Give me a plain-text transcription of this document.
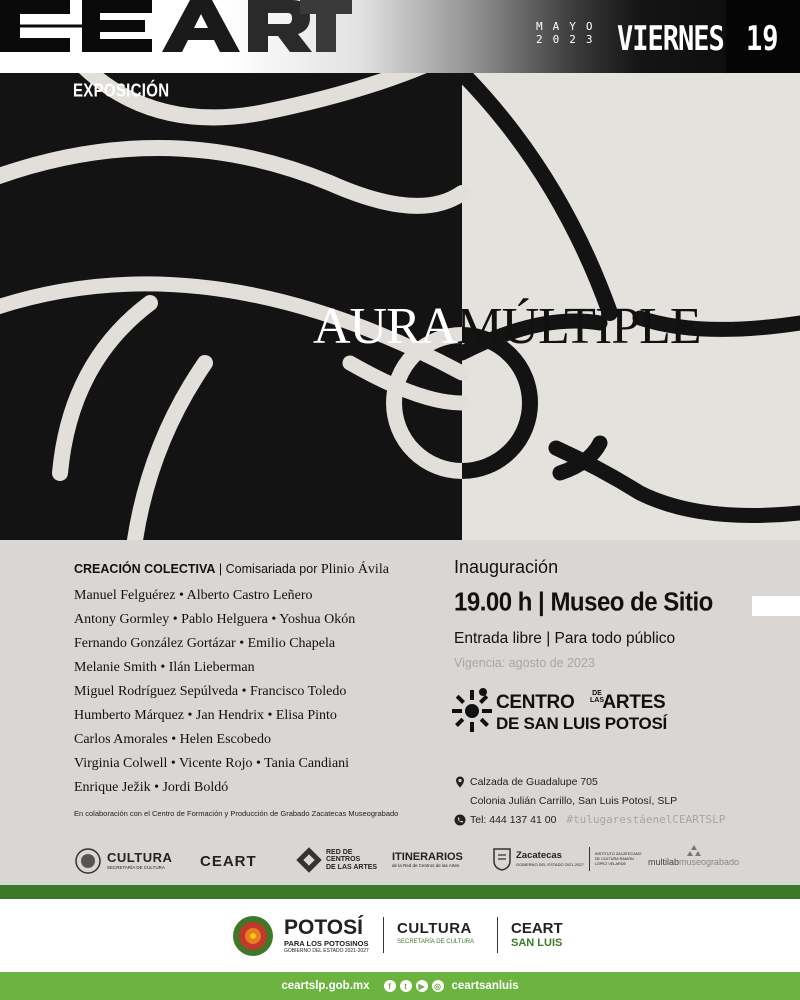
MAYO
2023 VIERNES 19
EXPOSICIÓN
AURAMÚLTIPLE
CREACIÓN COLECTIVA | Comisariada por Plinio Ávila
Manuel Felguérez • Alberto Castro Leñero
Antony Gormley • Pablo Helguera • Yoshua Okón
Fernando González Gortázar • Emilio Chapela
Melanie Smith • Ilán Lieberman
Miguel Rodríguez Sepúlveda • Francisco Toledo
Humberto Márquez • Jan Hendrix • Elisa Pinto
Carlos Amorales • Helen Escobedo
Virginia Colwell • Vicente Rojo • Tania Candiani
Enrique Ježik • Jordi Boldó
En colaboración con el Centro de Formación y Producción de Grabado Zacatecas Museograbado
Inauguración
19.00 h | Museo de Sitio
Entrada libre | Para todo público
Vigencia: agosto de 2023
CENTRO ARTES
DE LAS
DE SAN LUIS POTOSÍ
Calzada de Guadalupe 705
Colonia Julián Carrillo, San Luis Potosí, SLP
Tel: 444 137 41 00 #tulugarestáenelCEARTSLP
CULTURA
SECRETARÍA DE CULTURA	CEART
RED DE
CENTROS
DE LAS ARTES
ITINERARIOS
de la Red de Centros de las Artes
Zacatecas
GOBIERNO DEL ESTADO 2021-2027
INSTITUTO ZACATECANO DE CULTURA RAMÓN LÓPEZ VELARDE	multilabmuseograbado
POTOSÍ
PARA LOS POTOSINOS
GOBIERNO DEL ESTADO 2021-2027
CULTURA
SECRETARÍA DE CULTURA
CEART
SAN LUIS
ceartslp.gob.mx	f	t	▶	◎ ceartsanluis
